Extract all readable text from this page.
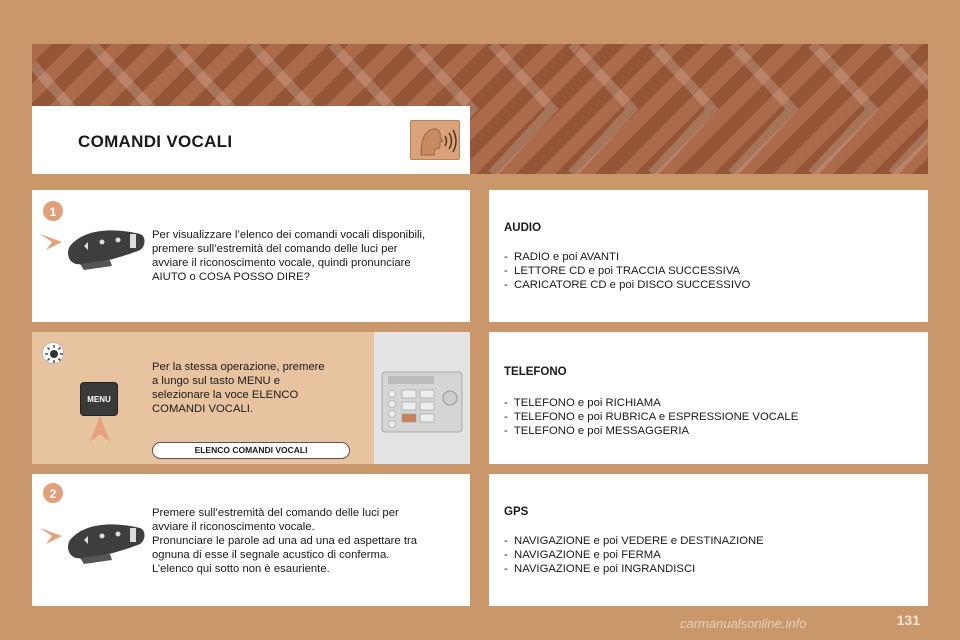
COMANDI VOCALI
1
Per visualizzare l’elenco dei comandi vocali disponibili,
premere sull’estremità del comando delle luci per
avviare il riconoscimento vocale, quindi pronunciare
AIUTO o COSA POSSO DIRE?
MENU
Per la stessa operazione, premere
a lungo sul tasto MENU e
selezionare la voce ELENCO
COMANDI VOCALI.
ELENCO COMANDI VOCALI
2
Premere sull’estremità del comando delle luci per
avviare il riconoscimento vocale.
Pronunciare le parole ad una ad una ed aspettare tra
ognuna di esse il segnale acustico di conferma.
L’elenco qui sotto non è esauriente.
AUDIO
- RADIO e poi AVANTI
- LETTORE CD e poi TRACCIA SUCCESSIVA
- CARICATORE CD e poi DISCO SUCCESSIVO
TELEFONO
- TELEFONO e poi RICHIAMA
- TELEFONO e poi RUBRICA e ESPRESSIONE VOCALE
- TELEFONO e poi MESSAGGERIA
GPS
- NAVIGAZIONE e poi VEDERE e DESTINAZIONE
- NAVIGAZIONE e poi FERMA
- NAVIGAZIONE e poi INGRANDISCI
131
carmanualsonline.info
